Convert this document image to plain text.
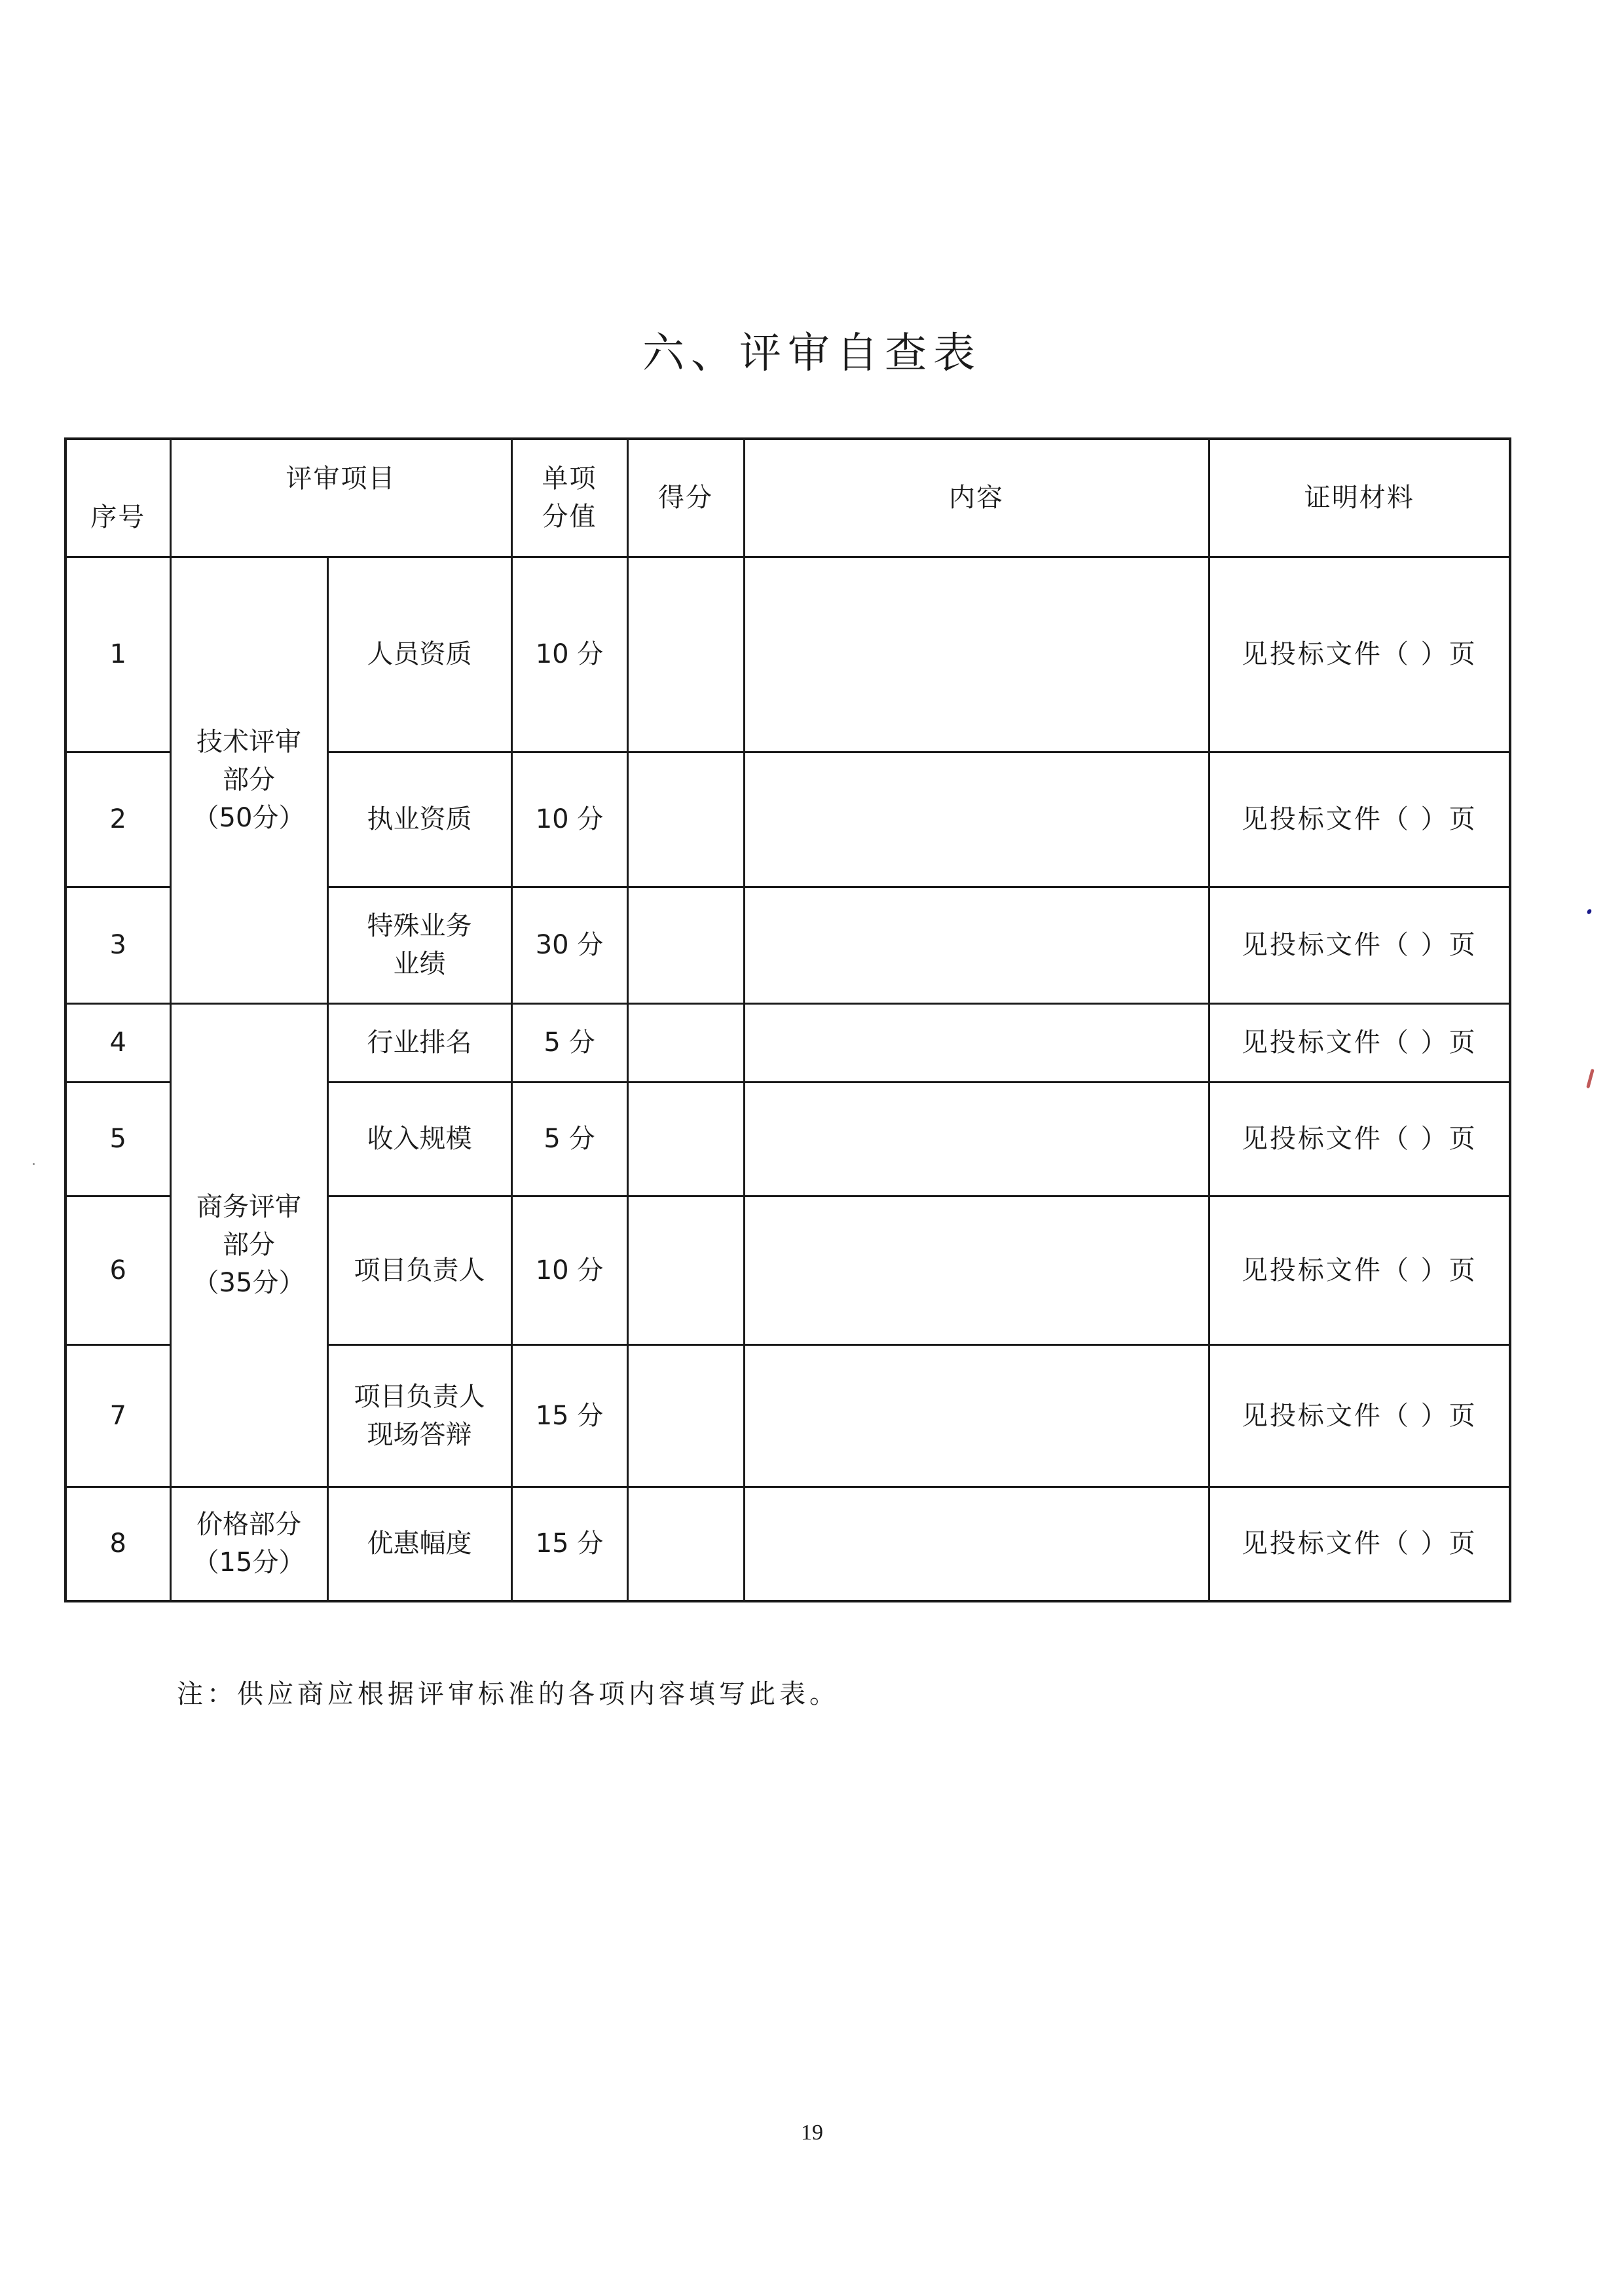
六、评审自查表
序号	评审项目		单项
分值	得分	内容	证明材料
1	技术评审
部分
（50分）	人员资质	10 分			见投标文件（ ）页
2		执业资质	10 分			见投标文件（ ）页
3		特殊业务
业绩	30 分			见投标文件（ ）页
4	商务评审
部分
（35分）	行业排名	5 分			见投标文件（ ）页
5		收入规模	5 分			见投标文件（ ）页
6		项目负责人	10 分			见投标文件（ ）页
7		项目负责人
现场答辩	15 分			见投标文件（ ）页
8	价格部分
（15分）	优惠幅度	15 分			见投标文件（ ）页
注：供应商应根据评审标准的各项内容填写此表。
19
